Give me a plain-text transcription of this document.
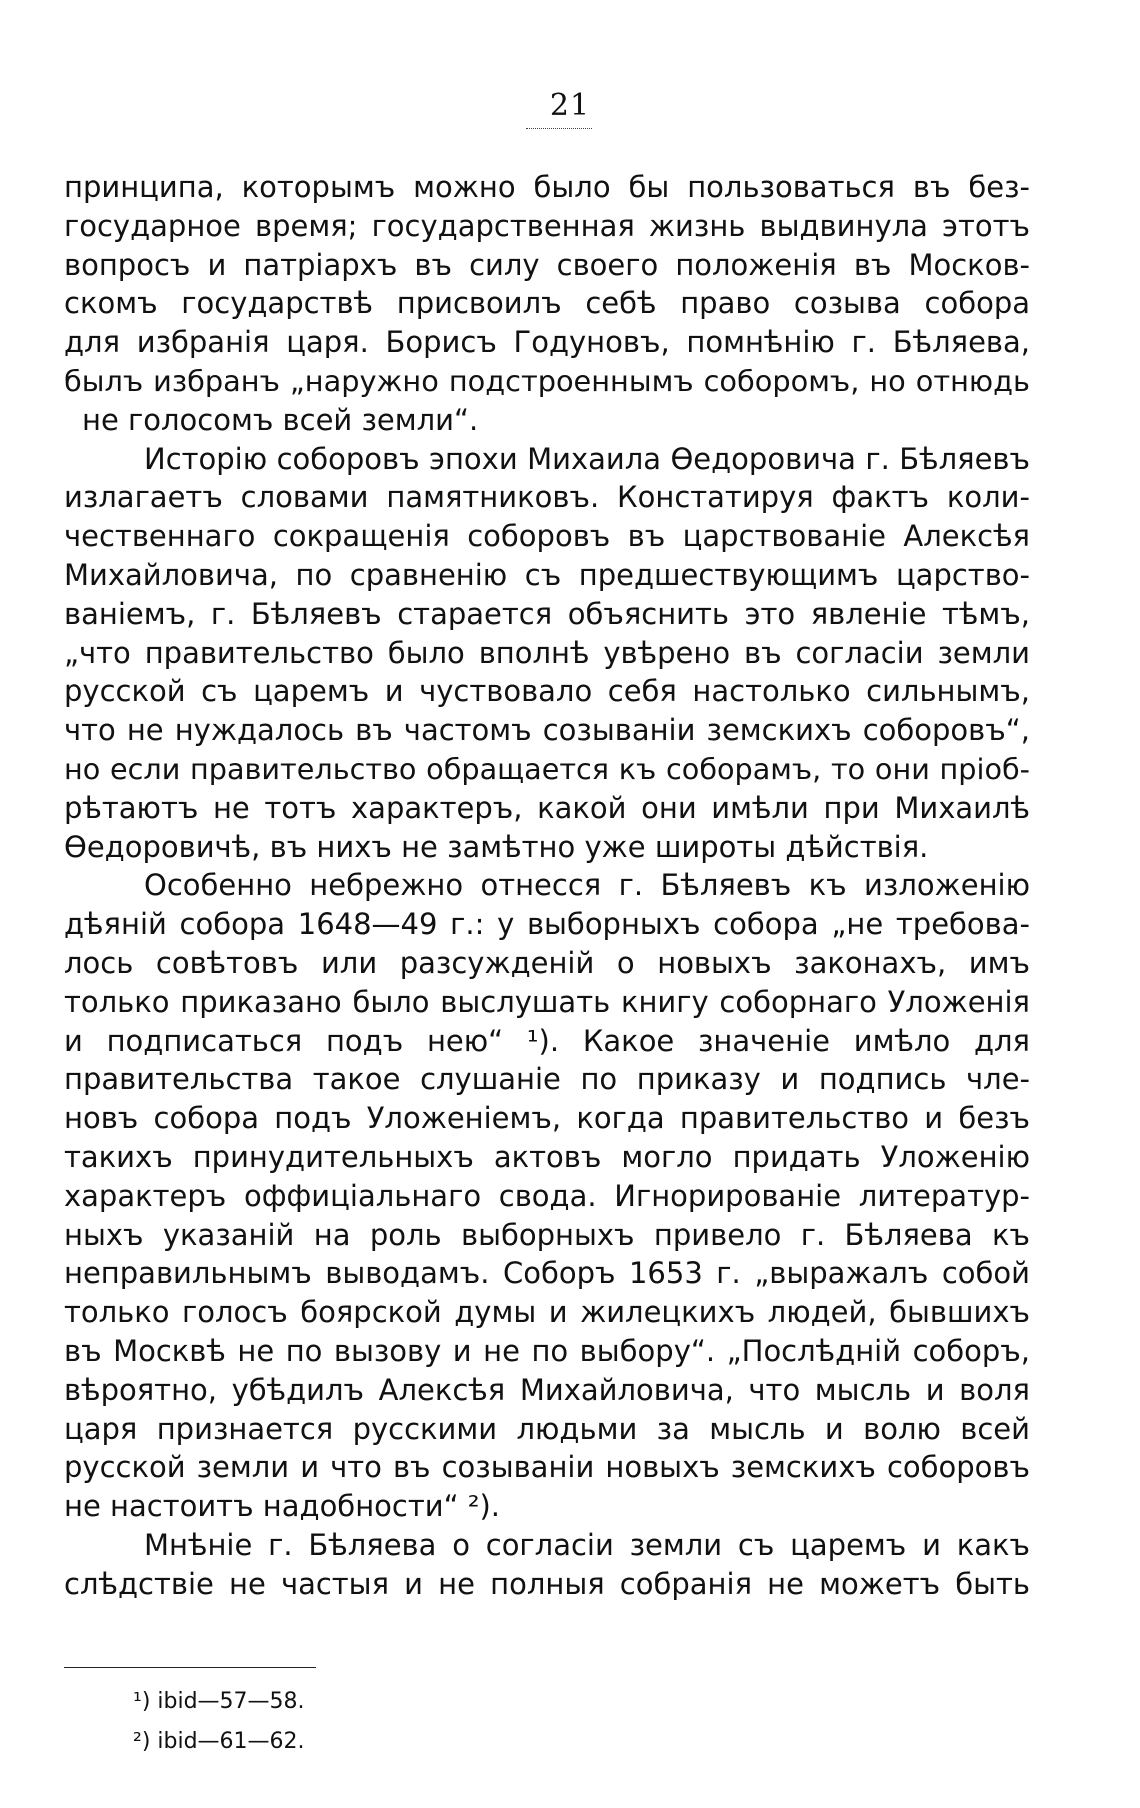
21
принципа, которымъ можно было бы пользоваться въ без-
государное время; государственная жизнь выдвинула этотъ
вопросъ и патріархъ въ силу своего положенія въ Москов-
скомъ государствѣ присвоилъ себѣ право созыва собора
для избранія царя. Борисъ Годуновъ, помнѣнію г. Бѣляева,
былъ избранъ „наружно подстроеннымъ соборомъ, но отнюдь
не голосомъ всей земли“.
Исторію соборовъ эпохи Михаила Ѳедоровича г. Бѣляевъ
излагаетъ словами памятниковъ. Констатируя фактъ коли-
чественнаго сокращенія соборовъ въ царствованіе Алексѣя
Михайловича, по сравненію съ предшествующимъ царство-
ваніемъ, г. Бѣляевъ старается объяснить это явленіе тѣмъ,
„что правительство было вполнѣ увѣрено въ согласіи земли
русской съ царемъ и чуствовало себя настолько сильнымъ,
что не нуждалось въ частомъ созываніи земскихъ соборовъ“,
но если правительство обращается къ соборамъ, то они пріоб-
рѣтаютъ не тотъ характеръ, какой они имѣли при Михаилѣ
Ѳедоровичѣ, въ нихъ не замѣтно уже широты дѣйствія.
Особенно небрежно отнесся г. Бѣляевъ къ изложенію
дѣяній собора 1648—49 г.: у выборныхъ собора „не требова-
лось совѣтовъ или разсужденій о новыхъ законахъ, имъ
только приказано было выслушать книгу соборнаго Уложенія
и подписаться подъ нею“ ¹). Какое значеніе имѣло для
правительства такое слушаніе по приказу и подпись чле-
новъ собора подъ Уложеніемъ, когда правительство и безъ
такихъ принудительныхъ актовъ могло придать Уложенію
характеръ оффиціальнаго свода. Игнорированіе литератур-
ныхъ указаній на роль выборныхъ привело г. Бѣляева къ
неправильнымъ выводамъ. Соборъ 1653 г. „выражалъ собой
только голосъ боярской думы и жилецкихъ людей, бывшихъ
въ Москвѣ не по вызову и не по выбору“. „Послѣдній соборъ,
вѣроятно, убѣдилъ Алексѣя Михайловича, что мысль и воля
царя признается русскими людьми за мысль и волю всей
русской земли и что въ созываніи новыхъ земскихъ соборовъ
не настоитъ надобности“ ²).
Мнѣніе г. Бѣляева о согласіи земли съ царемъ и какъ
слѣдствіе не частыя и не полныя собранія не можетъ быть
¹) ibid—57—58.
²) ibid—61—62.
